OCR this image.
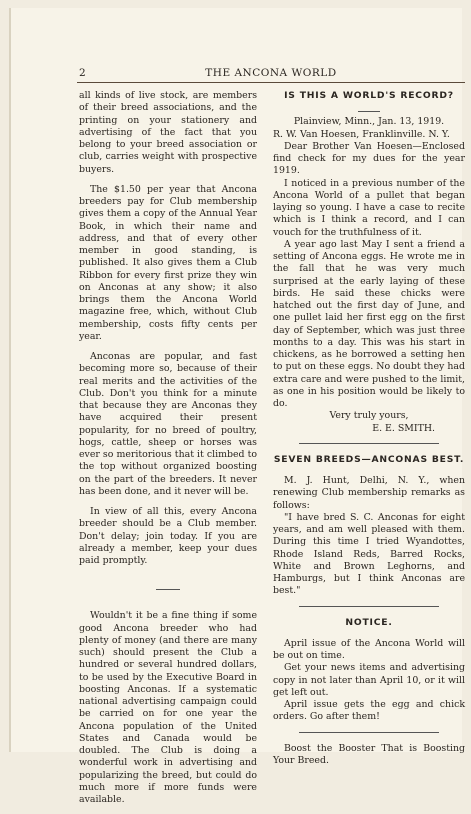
2	THE ANCONA WORLD

all kinds of live stock, are members of their breed associations, and the printing on your stationery and advertising of the fact that you belong to your breed association or club, carries weight with prospective buyers.

The $1.50 per year that Ancona breeders pay for Club membership gives them a copy of the Annual Year Book, in which their name and address, and that of every other member in good standing, is published. It also gives them a Club Ribbon for every first prize they win on Anconas at any show; it also brings them the Ancona World magazine free, which, without Club membership, costs fifty cents per year.

Anconas are popular, and fast becoming more so, because of their real merits and the activities of the Club. Don't you think for a minute that because they are Anconas they have acquired their present popularity, for no breed of poultry, hogs, cattle, sheep or horses was ever so meritorious that it climbed to the top without organized boosting on the part of the breeders. It never has been done, and it never will be.

In view of all this, every Ancona breeder should be a Club member. Don't delay; join today. If you are already a member, keep your dues paid promptly.

Wouldn't it be a fine thing if some good Ancona breeder who had plenty of money (and there are many such) should present the Club a hundred or several hundred dollars, to be used by the Executive Board in boosting Anconas. If a systematic national advertising campaign could be carried on for one year the Ancona population of the United States and Canada would be doubled. The Club is doing a wonderful work in advertising and popularizing the breed, but could do much more if more funds were available.

IS THIS A WORLD'S RECORD?

Plainview, Minn., Jan. 13, 1919.

R. W. Van Hoesen, Franklinville. N. Y.

Dear Brother Van Hoesen—Enclosed find check for my dues for the year 1919.

I noticed in a previous number of the Ancona World of a pullet that began laying so young. I have a case to recite which is I think a record, and I can vouch for the truthfulness of it.

A year ago last May I sent a friend a setting of Ancona eggs. He wrote me in the fall that he was very much surprised at the early laying of these birds. He said these chicks were hatched out the first day of June, and one pullet laid her first egg on the first day of September, which was just three months to a day. This was his start in chickens, as he borrowed a setting hen to put on these eggs. No doubt they had extra care and were pushed to the limit, as one in his position would be likely to do.

Very truly yours,

E. E. SMITH.

SEVEN BREEDS—ANCONAS BEST.

M. J. Hunt, Delhi, N. Y., when renewing Club membership remarks as follows:

"I have bred S. C. Anconas for eight years, and am well pleased with them. During this time I tried Wyandottes, Rhode Island Reds, Barred Rocks, White and Brown Leghorns, and Hamburgs, but I think Anconas are best."

NOTICE.

April issue of the Ancona World will be out on time.

Get your news items and advertising copy in not later than April 10, or it will get left out.

April issue gets the egg and chick orders. Go after them!

Boost the Booster That is Boosting Your Breed.
